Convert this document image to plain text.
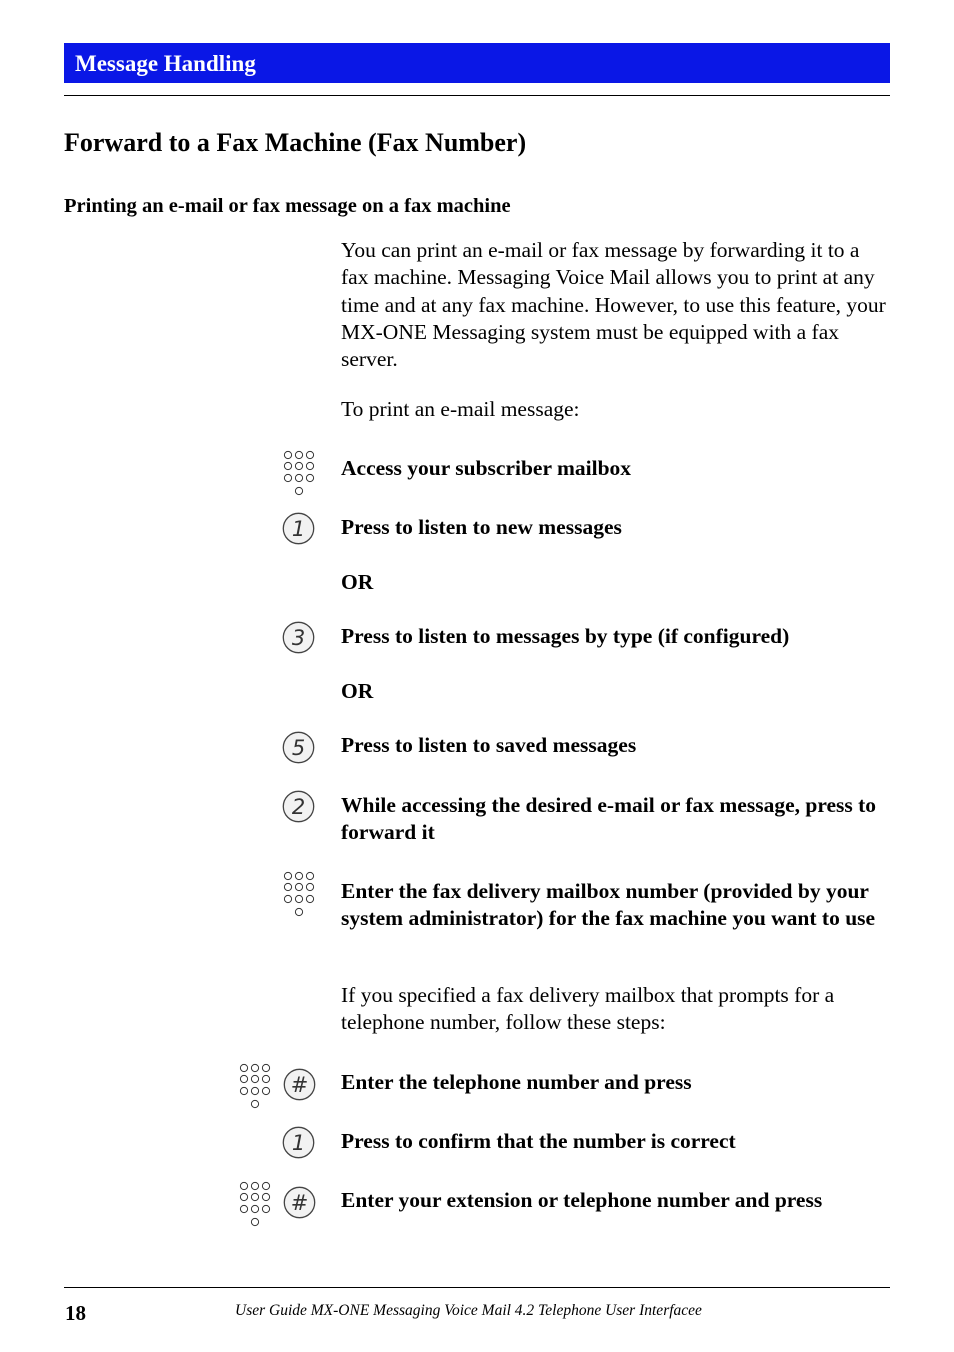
Message Handling
Forward to a Fax Machine (Fax Number)
Printing an e-mail or fax message on a fax machine

You can print an e-mail or fax message by forwarding it to a fax machine. Messaging Voice Mail allows you to print at any time and at any fax machine. However, to use this feature, your MX-ONE Messaging system must be equipped with a fax server.

To print an e-mail message:

Access your subscriber mailbox

1 Press to listen to new messages

OR

3 Press to listen to messages by type (if configured)

OR

5 Press to listen to saved messages

2 While accessing the desired e-mail or fax message, press to forward it

Enter the fax delivery mailbox number (provided by your system administrator) for the fax machine you want to use

If you specified a fax delivery mailbox that prompts for a telephone number, follow these steps:

# Enter the telephone number and press

1 Press to confirm that the number is correct

# Enter your extension or telephone number and press

18	User Guide MX-ONE Messaging Voice Mail 4.2 Telephone User Interfacee
